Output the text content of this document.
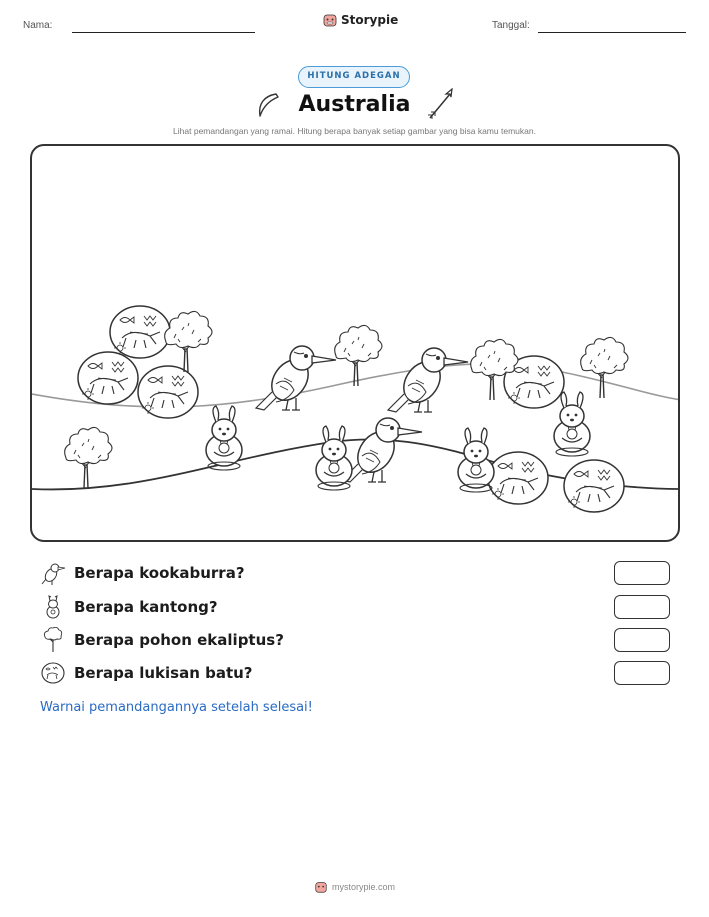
Nama:	Storypie	Tanggal:
HITUNG ADEGAN
Australia
Lihat pemandangan yang ramai. Hitung berapa banyak setiap gambar yang bisa kamu temukan.
Berapa kookaburra?
Berapa kantong?
Berapa pohon ekaliptus?
Berapa lukisan batu?
Warnai pemandangannya setelah selesai!
mystorypie.com
